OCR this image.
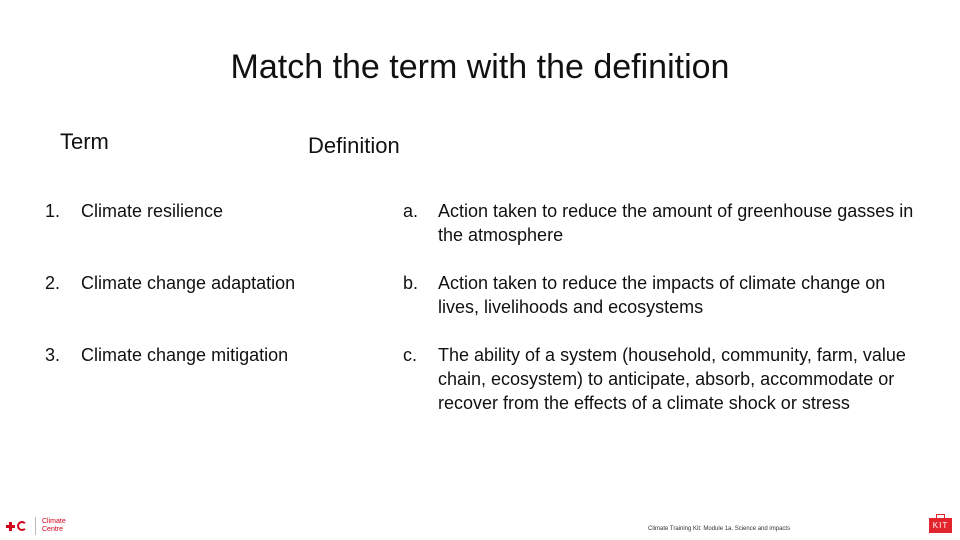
Match the term with the definition
Term	Definition
1.	Climate resilience	a.	Action taken to reduce the amount of greenhouse gasses in the atmosphere
2.	Climate change adaptation	b.	Action taken to reduce the impacts of climate change on lives, livelihoods and ecosystems
3.	Climate change mitigation	c.	The ability of a system (household, community, farm, value chain, ecosystem) to anticipate, absorb, accommodate or recover from the effects of a climate shock or stress
Climate
Centre	Climate Training Kit: Module 1a. Science and impacts	KIT
